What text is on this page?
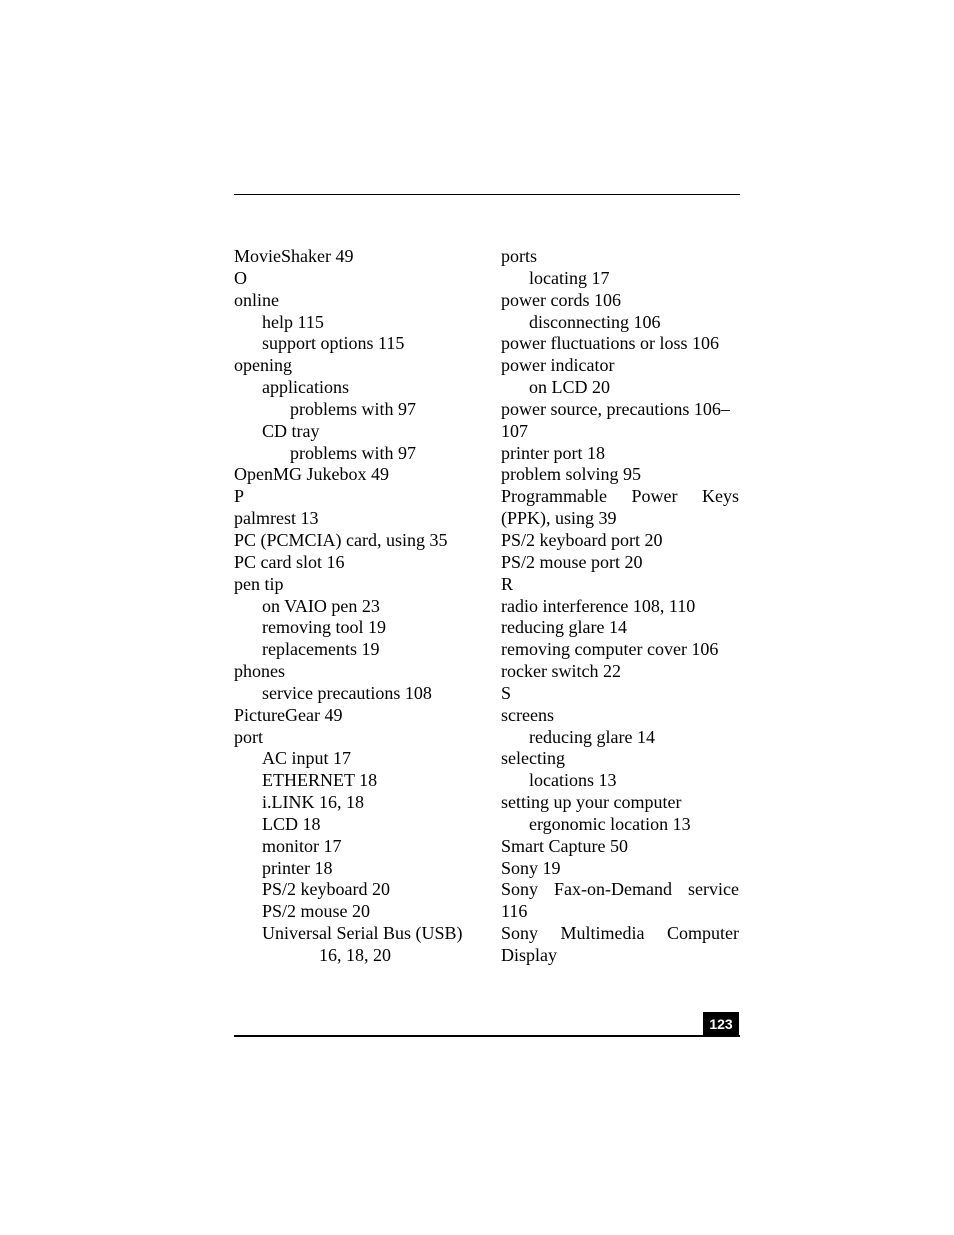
MovieShaker 49
O
online
help 115
support options 115
opening
applications
problems with 97
CD tray
problems with 97
OpenMG Jukebox 49
P
palmrest 13
PC (PCMCIA) card, using 35
PC card slot 16
pen tip
on VAIO pen 23
removing tool 19
replacements 19
phones
service precautions 108
PictureGear 49
port
AC input 17
ETHERNET 18
i.LINK 16, 18
LCD 18
monitor 17
printer 18
PS/2 keyboard 20
PS/2 mouse 20
Universal Serial Bus (USB)
16, 18, 20
ports
locating 17
power cords 106
disconnecting 106
power fluctuations or loss 106
power indicator
on LCD 20
power source, precautions 106–
107
printer port 18
problem solving 95
Programmable Power Keys
(PPK), using 39
PS/2 keyboard port 20
PS/2 mouse port 20
R
radio interference 108, 110
reducing glare 14
removing computer cover 106
rocker switch 22
S
screens
reducing glare 14
selecting
locations 13
setting up your computer
ergonomic location 13
Smart Capture 50
Sony 19
Sony Fax-on-Demand service
116
Sony Multimedia Computer
Display
123
